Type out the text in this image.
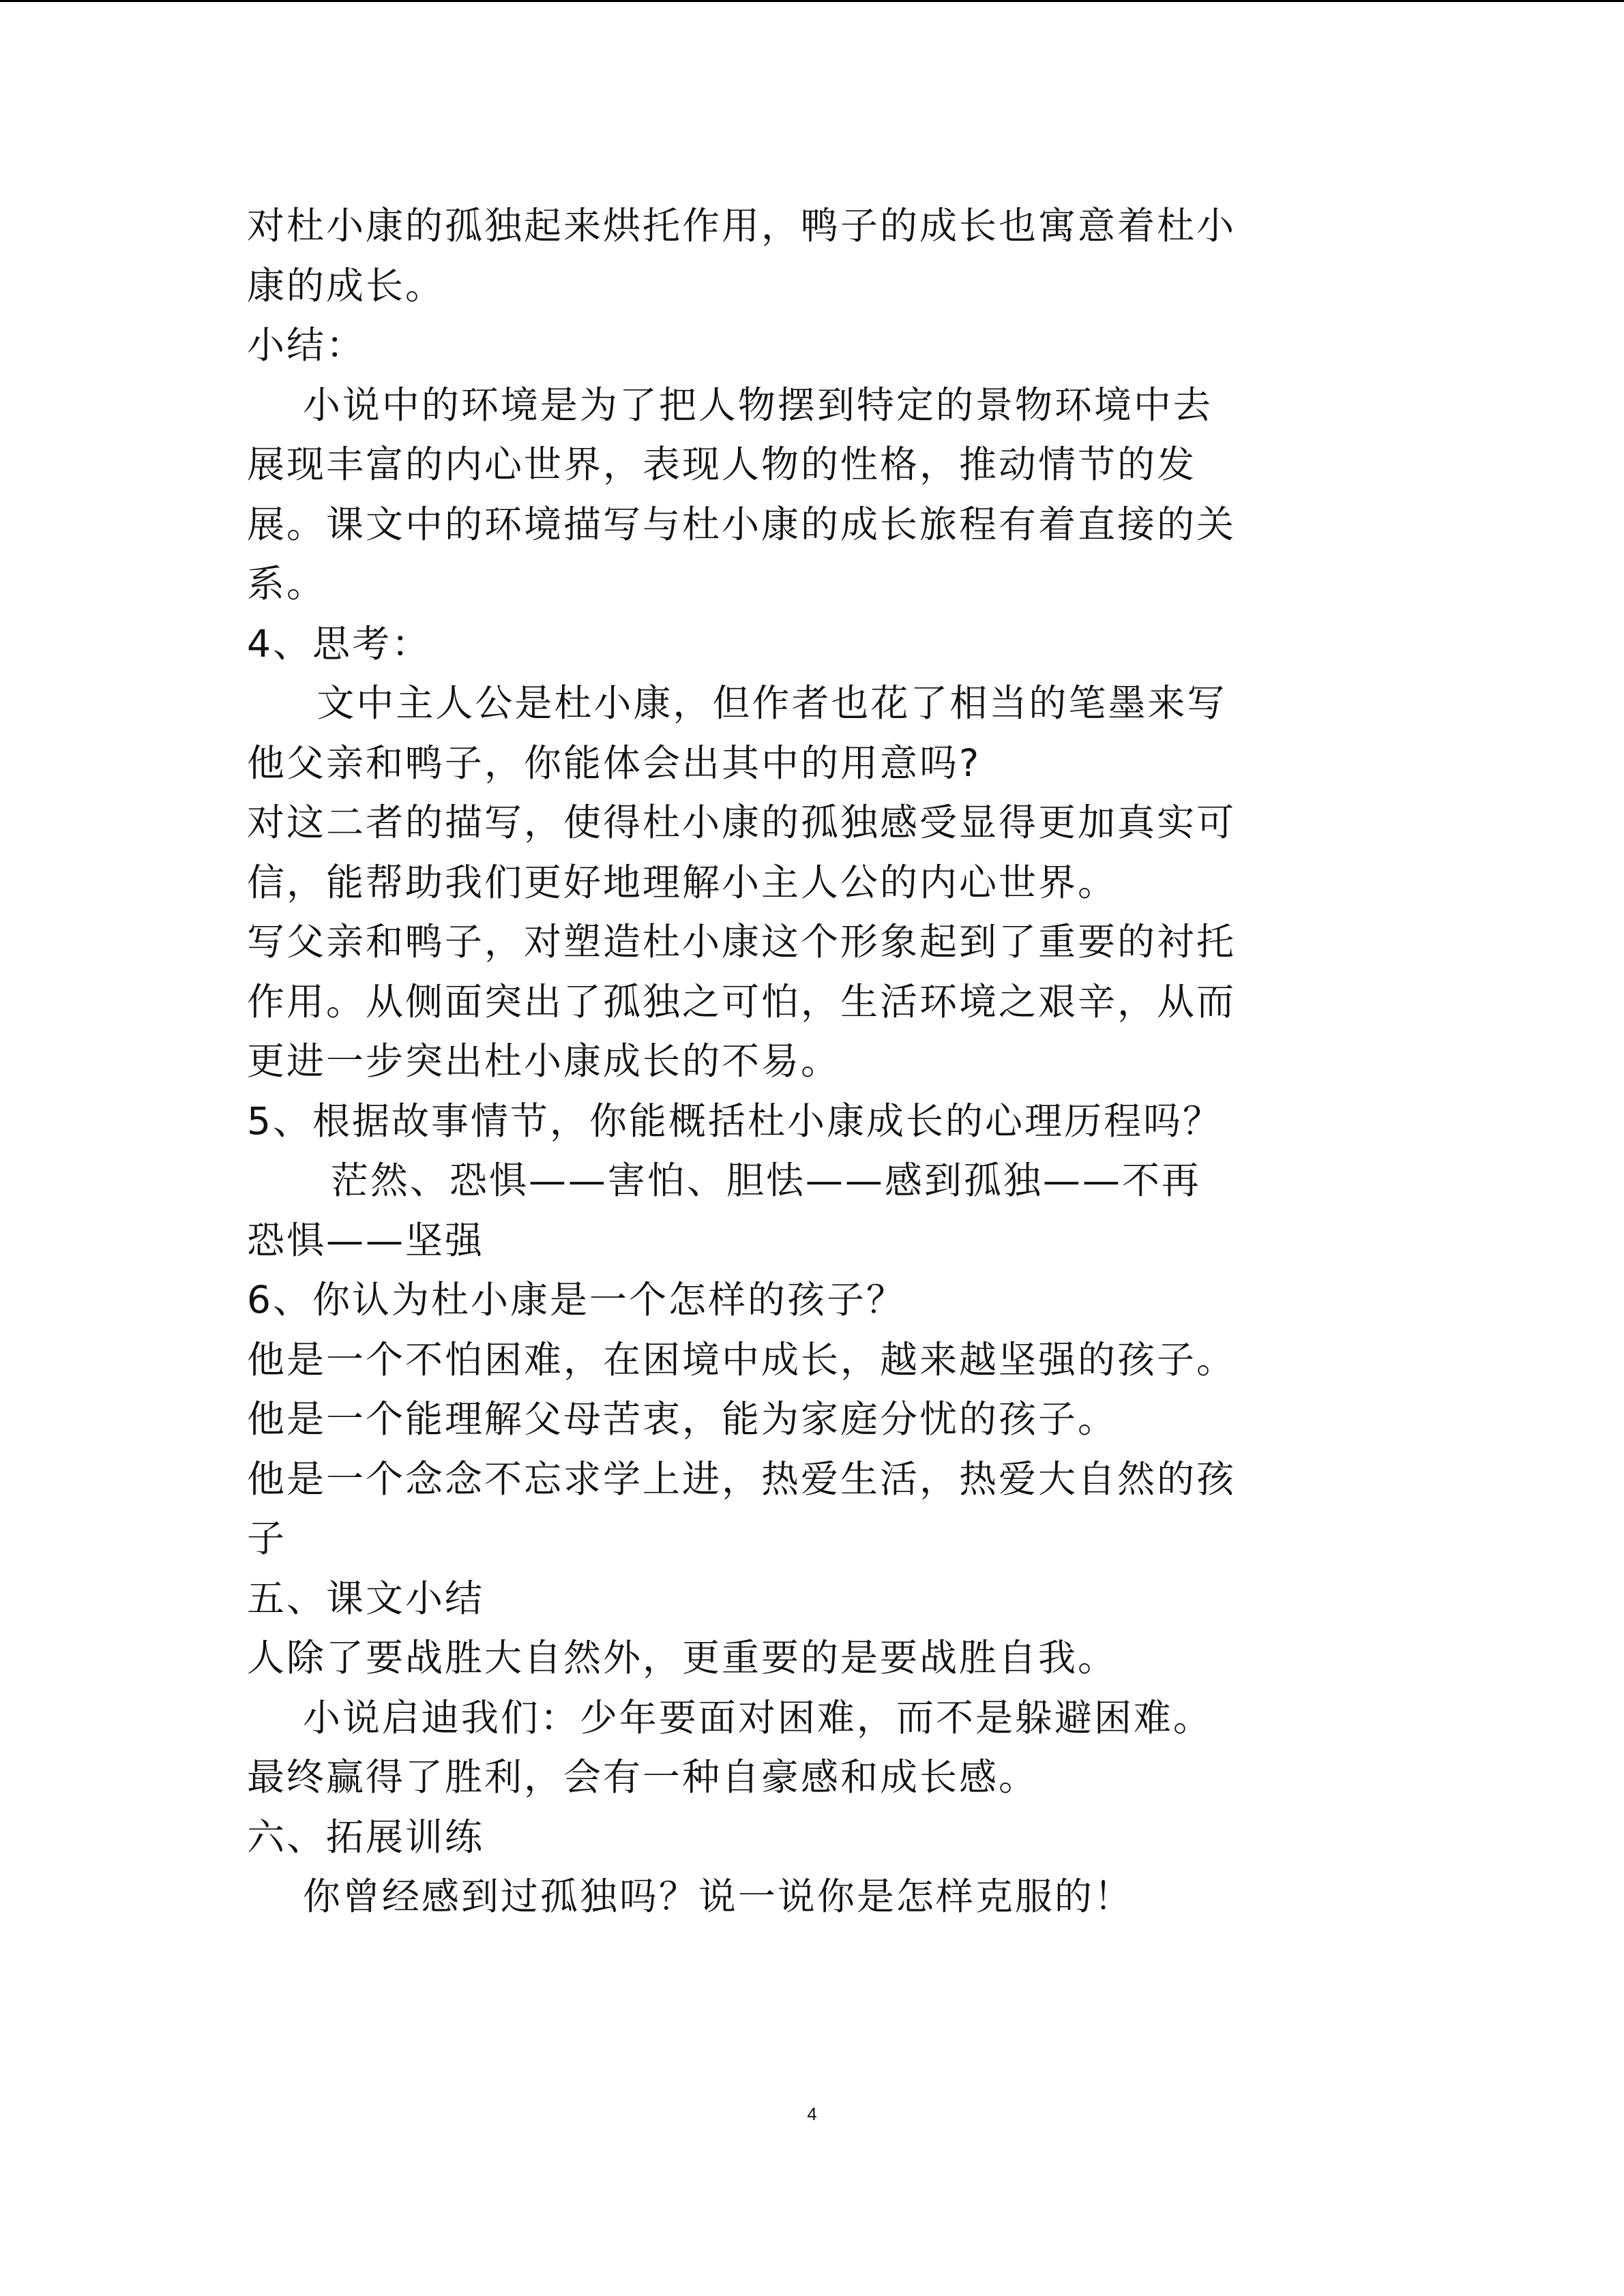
对杜小康的孤独起来烘托作用，鸭子的成长也寓意着杜小
康的成长。
小结：
小说中的环境是为了把人物摆到特定的景物环境中去
展现丰富的内心世界，表现人物的性格，推动情节的发
展。课文中的环境描写与杜小康的成长旅程有着直接的关
系。
4、思考：
文中主人公是杜小康，但作者也花了相当的笔墨来写
他父亲和鸭子，你能体会出其中的用意吗?
对这二者的描写，使得杜小康的孤独感受显得更加真实可
信，能帮助我们更好地理解小主人公的内心世界。
写父亲和鸭子，对塑造杜小康这个形象起到了重要的衬托
作用。从侧面突出了孤独之可怕，生活环境之艰辛，从而
更进一步突出杜小康成长的不易。
5、根据故事情节，你能概括杜小康成长的心理历程吗？
茫然、恐惧——害怕、胆怯——感到孤独——不再
恐惧——坚强
6、你认为杜小康是一个怎样的孩子？
他是一个不怕困难，在困境中成长，越来越坚强的孩子。
他是一个能理解父母苦衷，能为家庭分忧的孩子。
他是一个念念不忘求学上进，热爱生活，热爱大自然的孩
子
五、课文小结
人除了要战胜大自然外，更重要的是要战胜自我。
小说启迪我们：少年要面对困难，而不是躲避困难。
最终赢得了胜利，会有一种自豪感和成长感。
六、拓展训练
你曾经感到过孤独吗？说一说你是怎样克服的！
4
